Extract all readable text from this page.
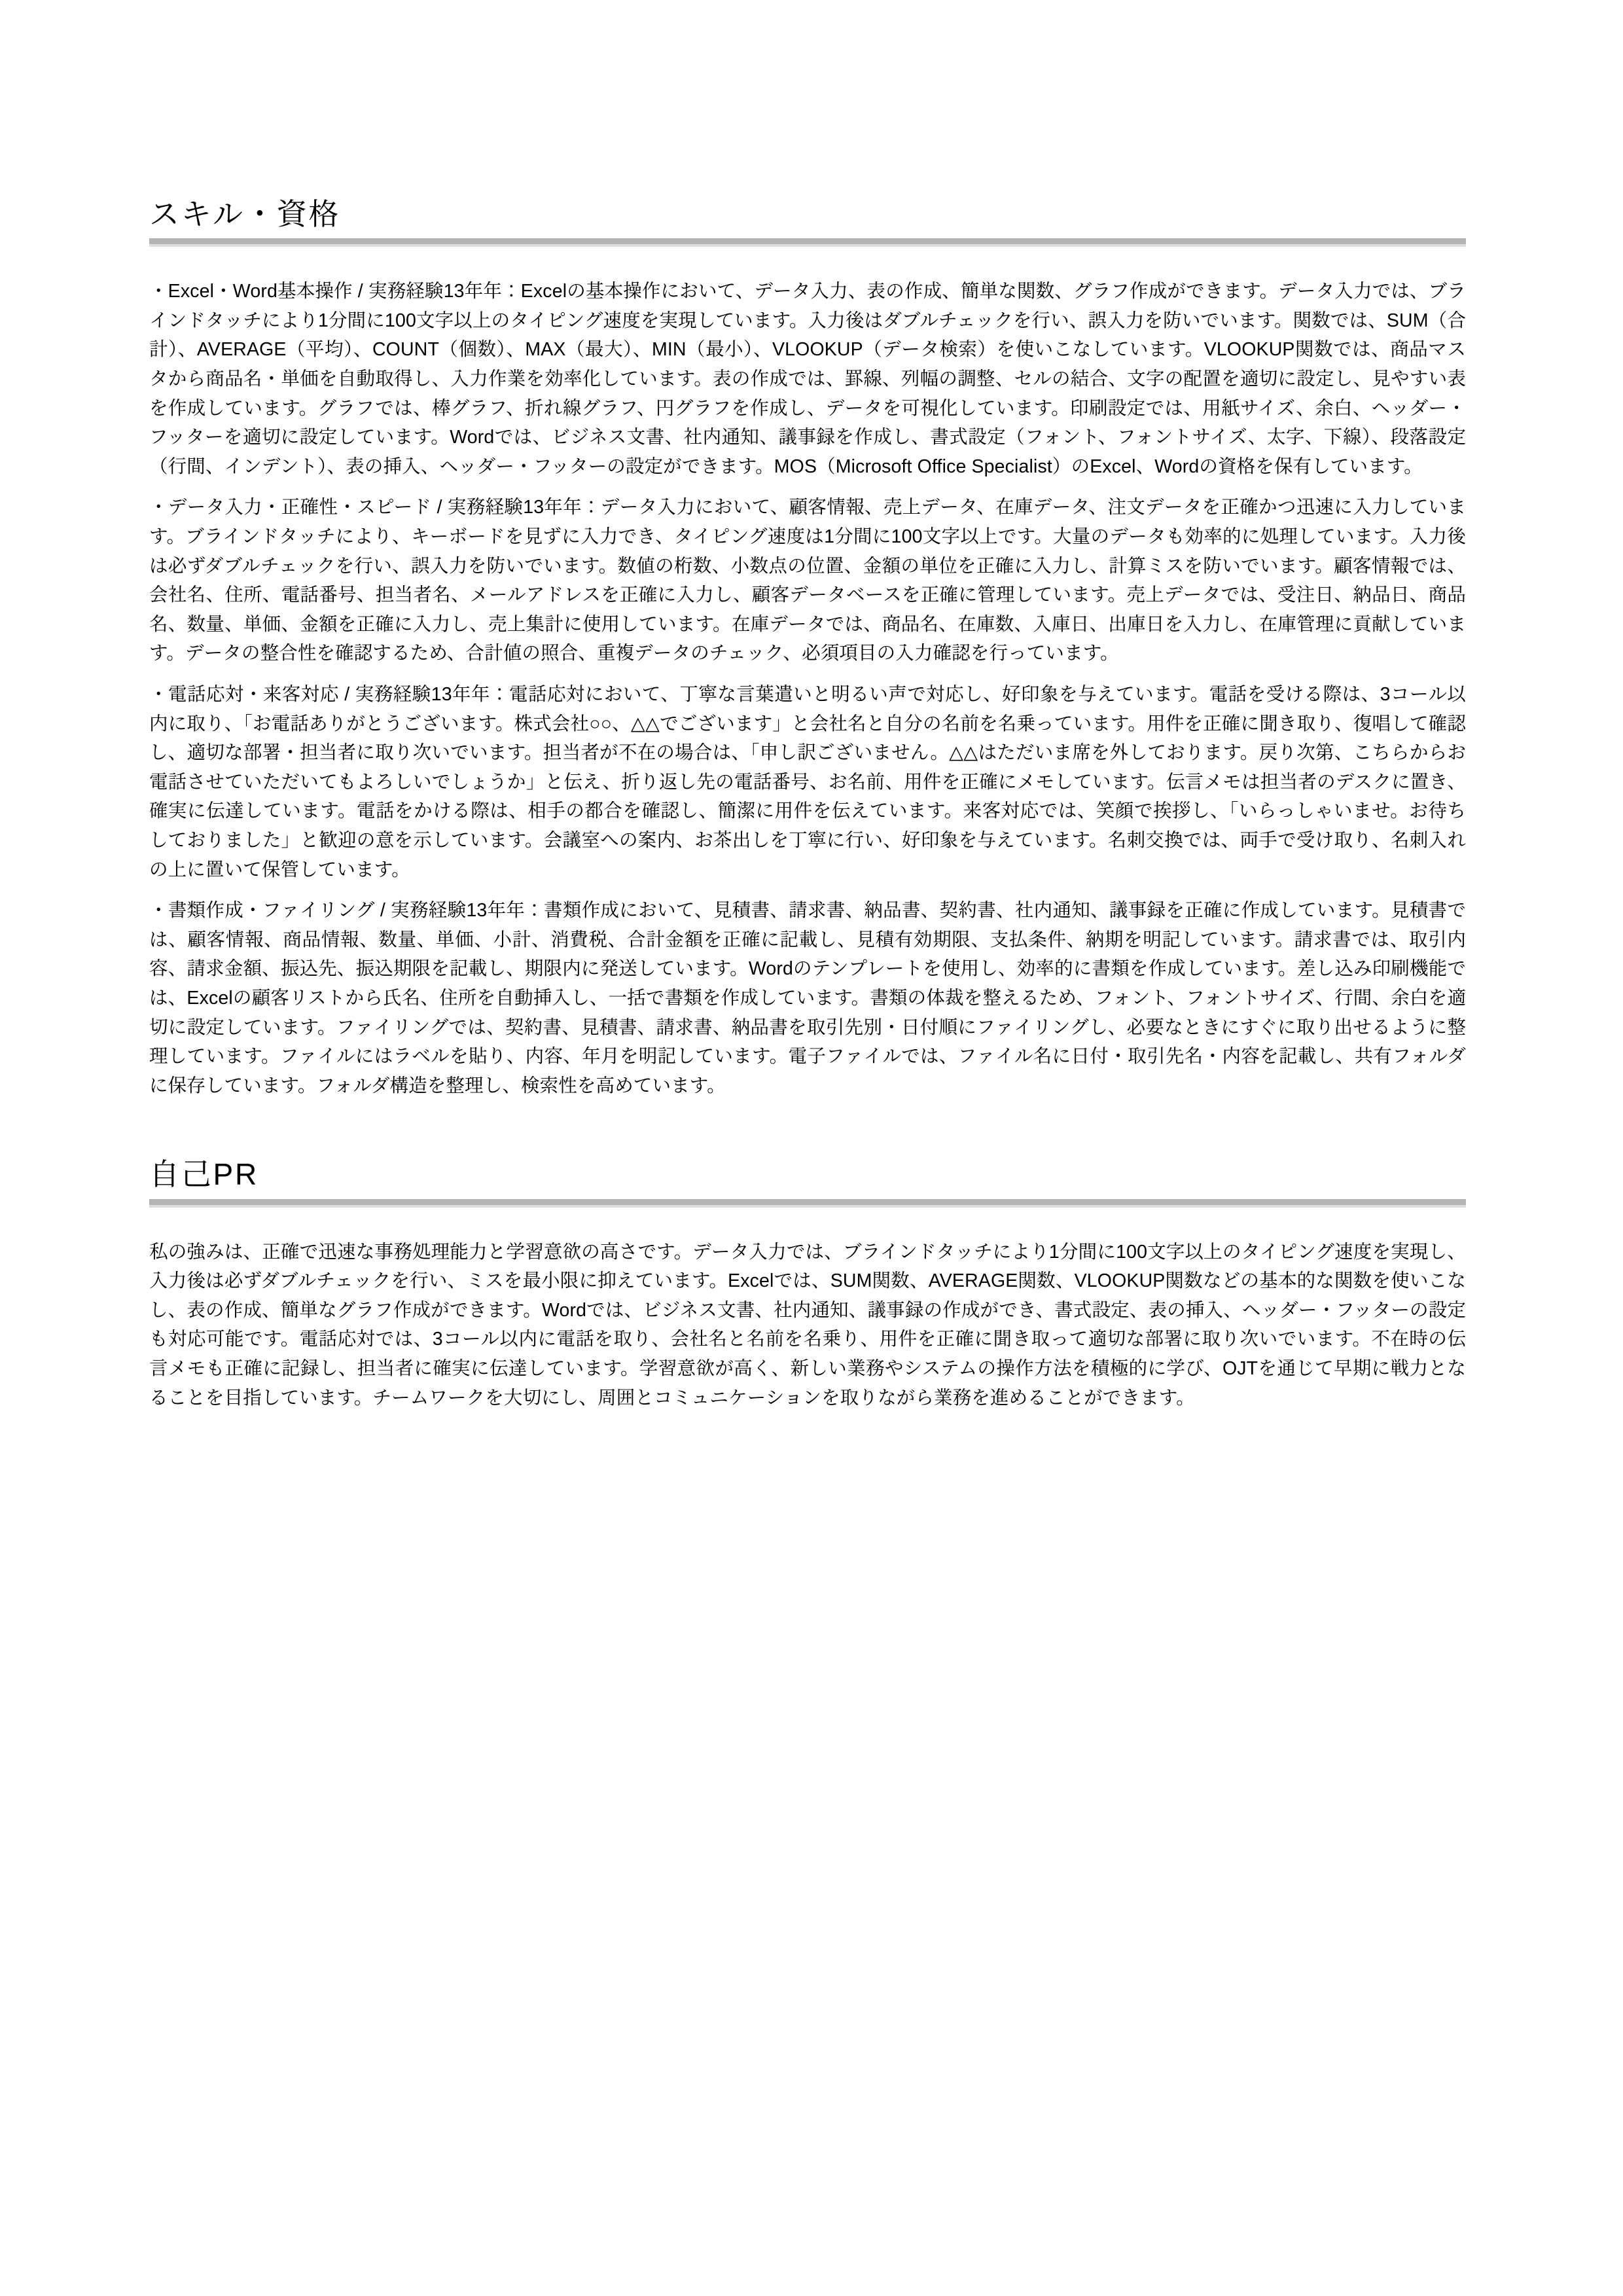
スキル・資格

・Excel・Word基本操作 / 実務経験13年年：Excelの基本操作において、データ入力、表の作成、簡単な関数、グラフ作成ができます。データ入力では、ブラインドタッチにより1分間に100文字以上のタイピング速度を実現しています。入力後はダブルチェックを行い、誤入力を防いでいます。関数では、SUM（合計）、AVERAGE（平均）、COUNT（個数）、MAX（最大）、MIN（最小）、VLOOKUP（データ検索）を使いこなしています。VLOOKUP関数では、商品マスタから商品名・単価を自動取得し、入力作業を効率化しています。表の作成では、罫線、列幅の調整、セルの結合、文字の配置を適切に設定し、見やすい表を作成しています。グラフでは、棒グラフ、折れ線グラフ、円グラフを作成し、データを可視化しています。印刷設定では、用紙サイズ、余白、ヘッダー・フッターを適切に設定しています。Wordでは、ビジネス文書、社内通知、議事録を作成し、書式設定（フォント、フォントサイズ、太字、下線）、段落設定（行間、インデント）、表の挿入、ヘッダー・フッターの設定ができます。MOS（Microsoft Office Specialist）のExcel、Wordの資格を保有しています。

・データ入力・正確性・スピード / 実務経験13年年：データ入力において、顧客情報、売上データ、在庫データ、注文データを正確かつ迅速に入力しています。ブラインドタッチにより、キーボードを見ずに入力でき、タイピング速度は1分間に100文字以上です。大量のデータも効率的に処理しています。入力後は必ずダブルチェックを行い、誤入力を防いでいます。数値の桁数、小数点の位置、金額の単位を正確に入力し、計算ミスを防いでいます。顧客情報では、会社名、住所、電話番号、担当者名、メールアドレスを正確に入力し、顧客データベースを正確に管理しています。売上データでは、受注日、納品日、商品名、数量、単価、金額を正確に入力し、売上集計に使用しています。在庫データでは、商品名、在庫数、入庫日、出庫日を入力し、在庫管理に貢献しています。データの整合性を確認するため、合計値の照合、重複データのチェック、必須項目の入力確認を行っています。

・電話応対・来客対応 / 実務経験13年年：電話応対において、丁寧な言葉遣いと明るい声で対応し、好印象を与えています。電話を受ける際は、3コール以内に取り、「お電話ありがとうございます。株式会社○○、△△でございます」と会社名と自分の名前を名乗っています。用件を正確に聞き取り、復唱して確認し、適切な部署・担当者に取り次いでいます。担当者が不在の場合は、「申し訳ございません。△△はただいま席を外しております。戻り次第、こちらからお電話させていただいてもよろしいでしょうか」と伝え、折り返し先の電話番号、お名前、用件を正確にメモしています。伝言メモは担当者のデスクに置き、確実に伝達しています。電話をかける際は、相手の都合を確認し、簡潔に用件を伝えています。来客対応では、笑顔で挨拶し、「いらっしゃいませ。お待ちしておりました」と歓迎の意を示しています。会議室への案内、お茶出しを丁寧に行い、好印象を与えています。名刺交換では、両手で受け取り、名刺入れの上に置いて保管しています。

・書類作成・ファイリング / 実務経験13年年：書類作成において、見積書、請求書、納品書、契約書、社内通知、議事録を正確に作成しています。見積書では、顧客情報、商品情報、数量、単価、小計、消費税、合計金額を正確に記載し、見積有効期限、支払条件、納期を明記しています。請求書では、取引内容、請求金額、振込先、振込期限を記載し、期限内に発送しています。Wordのテンプレートを使用し、効率的に書類を作成しています。差し込み印刷機能では、Excelの顧客リストから氏名、住所を自動挿入し、一括で書類を作成しています。書類の体裁を整えるため、フォント、フォントサイズ、行間、余白を適切に設定しています。ファイリングでは、契約書、見積書、請求書、納品書を取引先別・日付順にファイリングし、必要なときにすぐに取り出せるように整理しています。ファイルにはラベルを貼り、内容、年月を明記しています。電子ファイルでは、ファイル名に日付・取引先名・内容を記載し、共有フォルダに保存しています。フォルダ構造を整理し、検索性を高めています。

自己PR

私の強みは、正確で迅速な事務処理能力と学習意欲の高さです。データ入力では、ブラインドタッチにより1分間に100文字以上のタイピング速度を実現し、入力後は必ずダブルチェックを行い、ミスを最小限に抑えています。Excelでは、SUM関数、AVERAGE関数、VLOOKUP関数などの基本的な関数を使いこなし、表の作成、簡単なグラフ作成ができます。Wordでは、ビジネス文書、社内通知、議事録の作成ができ、書式設定、表の挿入、ヘッダー・フッターの設定も対応可能です。電話応対では、3コール以内に電話を取り、会社名と名前を名乗り、用件を正確に聞き取って適切な部署に取り次いでいます。不在時の伝言メモも正確に記録し、担当者に確実に伝達しています。学習意欲が高く、新しい業務やシステムの操作方法を積極的に学び、OJTを通じて早期に戦力となることを目指しています。チームワークを大切にし、周囲とコミュニケーションを取りながら業務を進めることができます。
